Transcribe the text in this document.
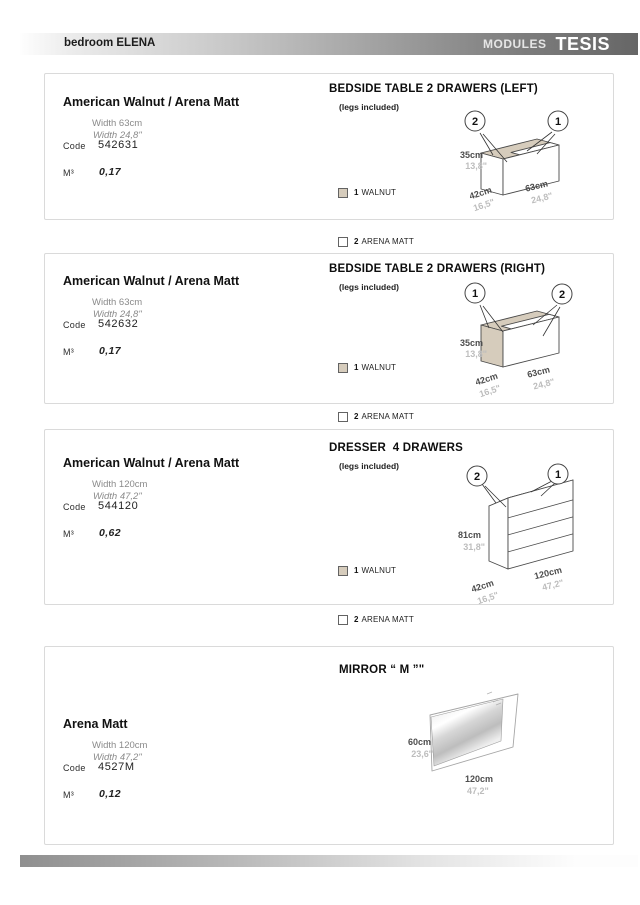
bedroom ELENA	MODULES TESIS
American Walnut / Arena Matt
Width 63cm
Width 24,8"
Code 542631
M³ 0,17
BEDSIDE TABLE 2 DRAWERS (LEFT)
(legs included)

1 WALNUT

2 ARENA MATT

2	1
35cm
13,8"
42cm
16,5"
63cm
24,8"
American Walnut / Arena Matt
Width 63cm
Width 24,8"
Code 542632
M³ 0,17
BEDSIDE TABLE 2 DRAWERS (RIGHT)
(legs included)

1 WALNUT

2 ARENA MATT

1	2
35cm
13,8"
42cm
16,5"
63cm
24,8"
American Walnut / Arena Matt
Width 120cm
Width 47,2"
Code 544120
M³ 0,62
DRESSER  4 DRAWERS
(legs included)

1 WALNUT

2 ARENA MATT

2	1
81cm
31,8"
42cm
16,5"
120cm
47,2"
Arena Matt
Width 120cm
Width 47,2"
Code 4527M
M³ 0,12
MIRROR “ M ”"
60cm
23,6''
120cm
47,2"
